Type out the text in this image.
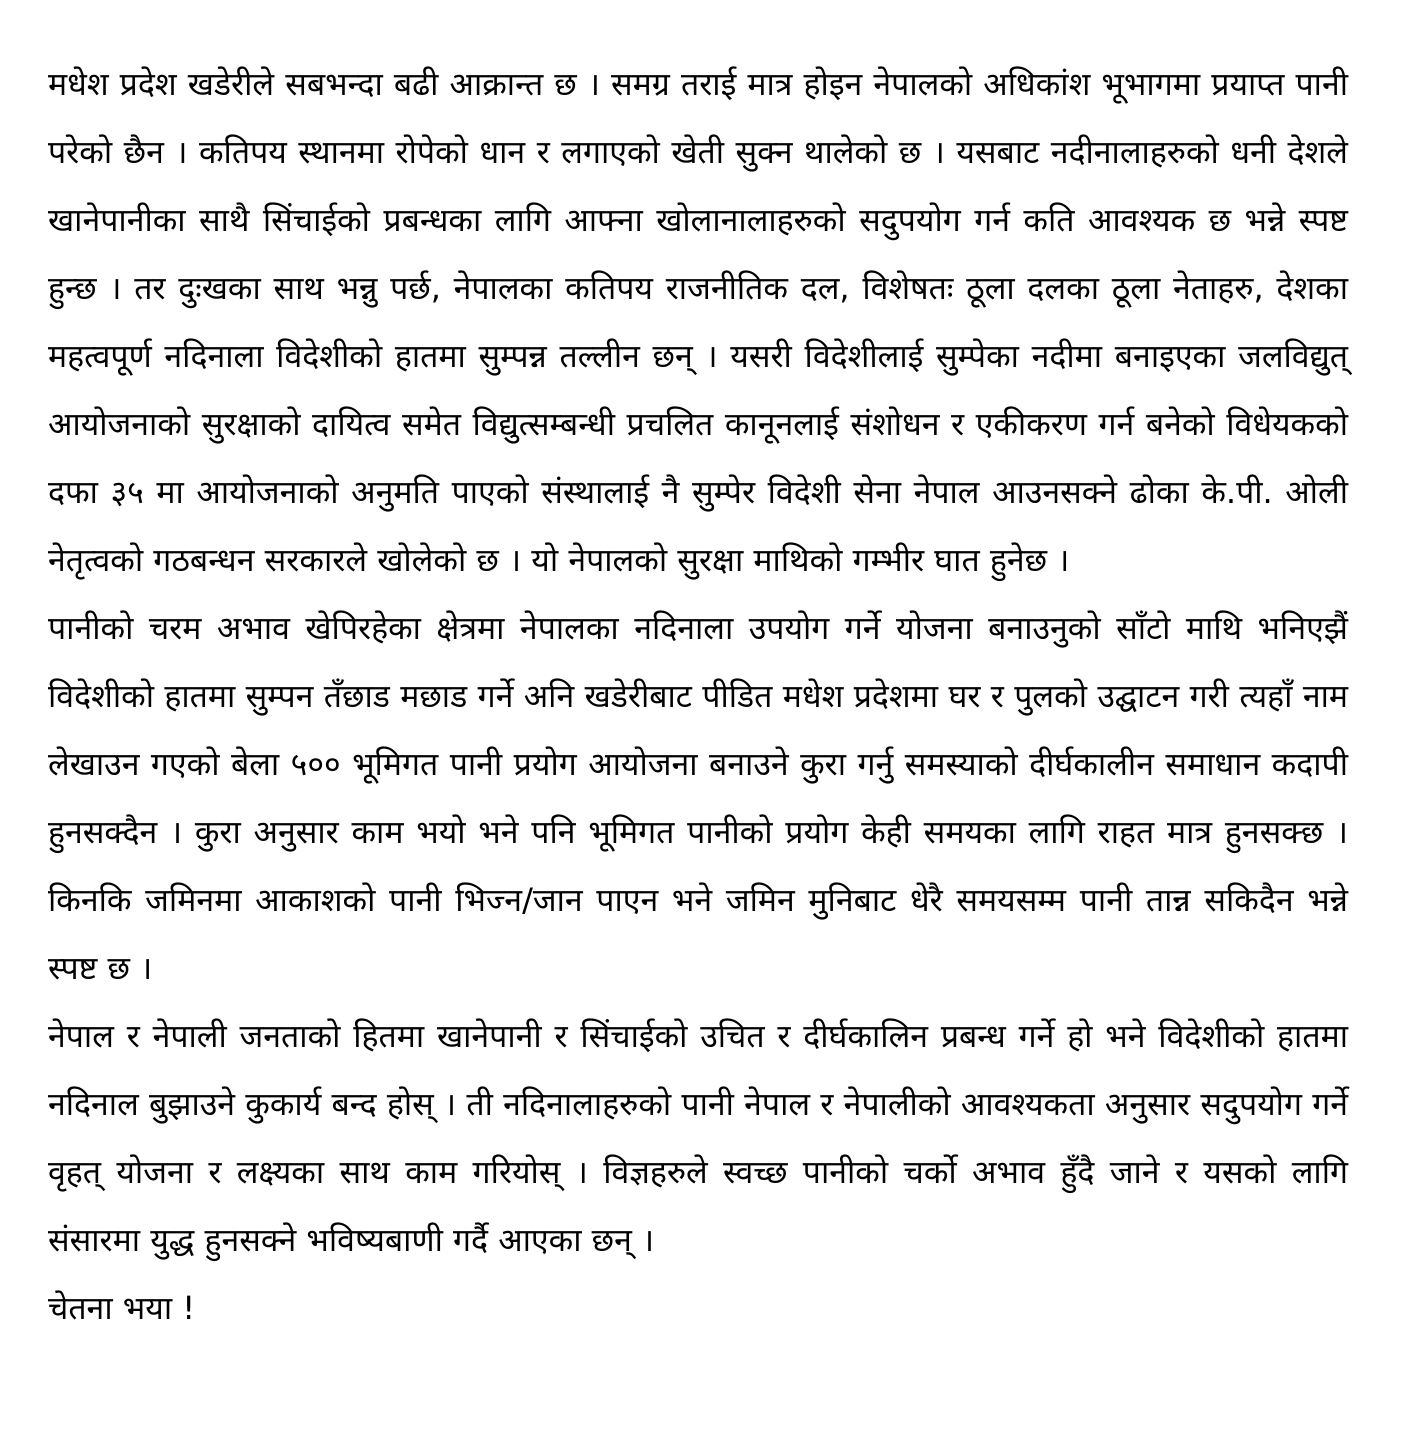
मधेश प्रदेश खडेरीले सबभन्दा बढी आक्रान्त छ । समग्र तराई मात्र होइन नेपालको अधिकांश भूभागमा प्रयाप्त पानी परेको छैन । कतिपय स्थानमा रोपेको धान र लगाएको खेती सुक्न थालेको छ । यसबाट नदीनालाहरुको धनी देशले खानेपानीका साथै सिंचाईको प्रबन्धका लागि आफ्ना खोलानालाहरुको सदुपयोग गर्न कति आवश्यक छ भन्ने स्पष्ट हुन्छ । तर दुःखका साथ भन्नु पर्छ, नेपालका कतिपय राजनीतिक दल, विशेषतः ठूला दलका ठूला नेताहरु, देशका महत्वपूर्ण नदिनाला विदेशीको हातमा सुम्पन्न तल्लीन छन् । यसरी विदेशीलाई सुम्पेका नदीमा बनाइएका जलविद्युत् आयोजनाको सुरक्षाको दायित्व समेत विद्युत्सम्बन्धी प्रचलित कानूनलाई संशोधन र एकीकरण गर्न बनेको विधेयकको दफा ३५ मा आयोजनाको अनुमति पाएको संस्थालाई नै सुम्पेर विदेशी सेना नेपाल आउनसक्ने ढोका के.पी. ओली नेतृत्वको गठबन्धन सरकारले खोलेको छ । यो नेपालको सुरक्षा माथिको गम्भीर घात हुनेछ ।

पानीको चरम अभाव खेपिरहेका क्षेत्रमा नेपालका नदिनाला उपयोग गर्ने योजना बनाउनुको साँटो माथि भनिएझैं विदेशीको हातमा सुम्पन तँछाड मछाड गर्ने अनि खडेरीबाट पीडित मधेश प्रदेशमा घर र पुलको उद्घाटन गरी त्यहाँ नाम लेखाउन गएको बेला ५०० भूमिगत पानी प्रयोग आयोजना बनाउने कुरा गर्नु समस्याको दीर्घकालीन समाधान कदापी हुनसक्दैन । कुरा अनुसार काम भयो भने पनि भूमिगत पानीको प्रयोग केही समयका लागि राहत मात्र हुनसक्छ । किनकि जमिनमा आकाशको पानी भिज्न/जान पाएन भने जमिन मुनिबाट धेरै समयसम्म पानी तान्न सकिदैन भन्ने स्पष्ट छ ।

नेपाल र नेपाली जनताको हितमा खानेपानी र सिंचाईको उचित र दीर्घकालिन प्रबन्ध गर्ने हो भने विदेशीको हातमा नदिनाल बुझाउने कुकार्य बन्द होस् । ती नदिनालाहरुको पानी नेपाल र नेपालीको आवश्यकता अनुसार सदुपयोग गर्ने वृहत् योजना र लक्ष्यका साथ काम गरियोस् । विज्ञहरुले स्वच्छ पानीको चर्को अभाव हुँदै जाने र यसको लागि संसारमा युद्ध हुनसक्ने भविष्यबाणी गर्दै आएका छन् ।

चेतना भया !
